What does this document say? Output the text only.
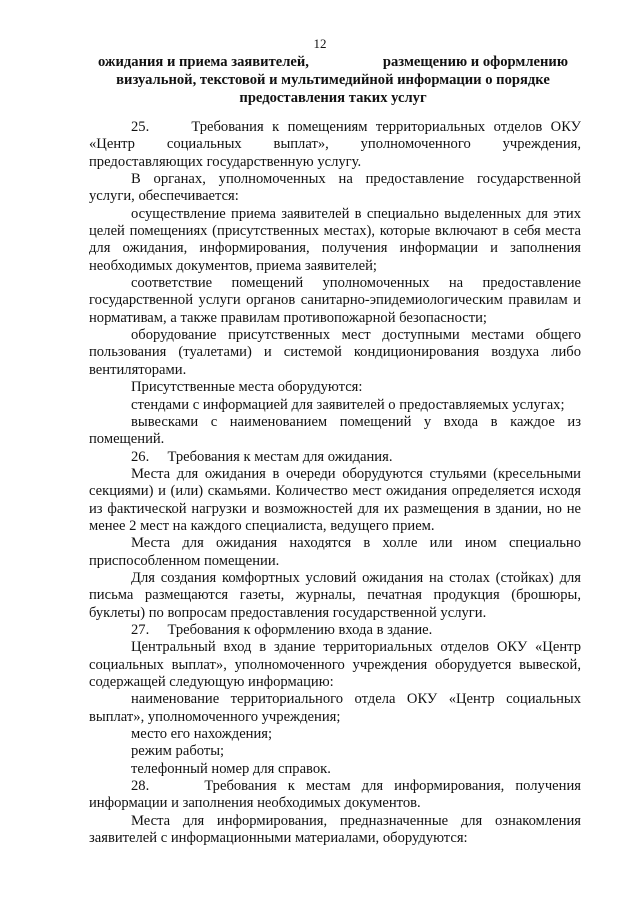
12
ожидания и приема заявителей,	размещению и оформлению
визуальной, текстовой и мультимедийной информации о порядке
предоставления таких услуг

25.     Требования к помещениям территориальных отделов ОКУ «Центр социальных выплат», уполномоченного учреждения, предоставляющих государственную услугу.

В органах, уполномоченных на предоставление государственной услуги, обеспечивается:

осуществление приема заявителей в специально выделенных для этих целей помещениях (присутственных местах), которые включают в себя места для ожидания, информирования, получения информации и заполнения необходимых документов, приема заявителей;

соответствие помещений уполномоченных на предоставление государственной услуги органов санитарно-эпидемиологическим правилам и нормативам, а также правилам противопожарной безопасности;

оборудование присутственных мест доступными местами общего пользования (туалетами) и системой кондиционирования воздуха либо вентиляторами.

Присутственные места оборудуются:

стендами с информацией для заявителей о предоставляемых услугах;

вывесками с наименованием помещений у входа в каждое из помещений.

26.     Требования к местам для ожидания.

Места для ожидания в очереди оборудуются стульями (кресельными секциями) и (или) скамьями. Количество мест ожидания определяется исходя из фактической нагрузки и возможностей для их размещения в здании, но не менее 2 мест на каждого специалиста, ведущего прием.

Места для ожидания находятся в холле или ином специально приспособленном помещении.

Для создания комфортных условий ожидания на столах (стойках) для письма размещаются газеты, журналы, печатная продукция (брошюры, буклеты) по вопросам предоставления государственной услуги.

27.     Требования к оформлению входа в здание.

Центральный вход в здание территориальных отделов ОКУ «Центр социальных выплат», уполномоченного учреждения оборудуется вывеской, содержащей следующую информацию:

наименование территориального отдела ОКУ «Центр социальных выплат», уполномоченного учреждения;

место его нахождения;

режим работы;

телефонный номер для справок.

28.     Требования к местам для информирования, получения информации и заполнения необходимых документов.

Места для информирования, предназначенные для ознакомления заявителей с информационными материалами, оборудуются:
